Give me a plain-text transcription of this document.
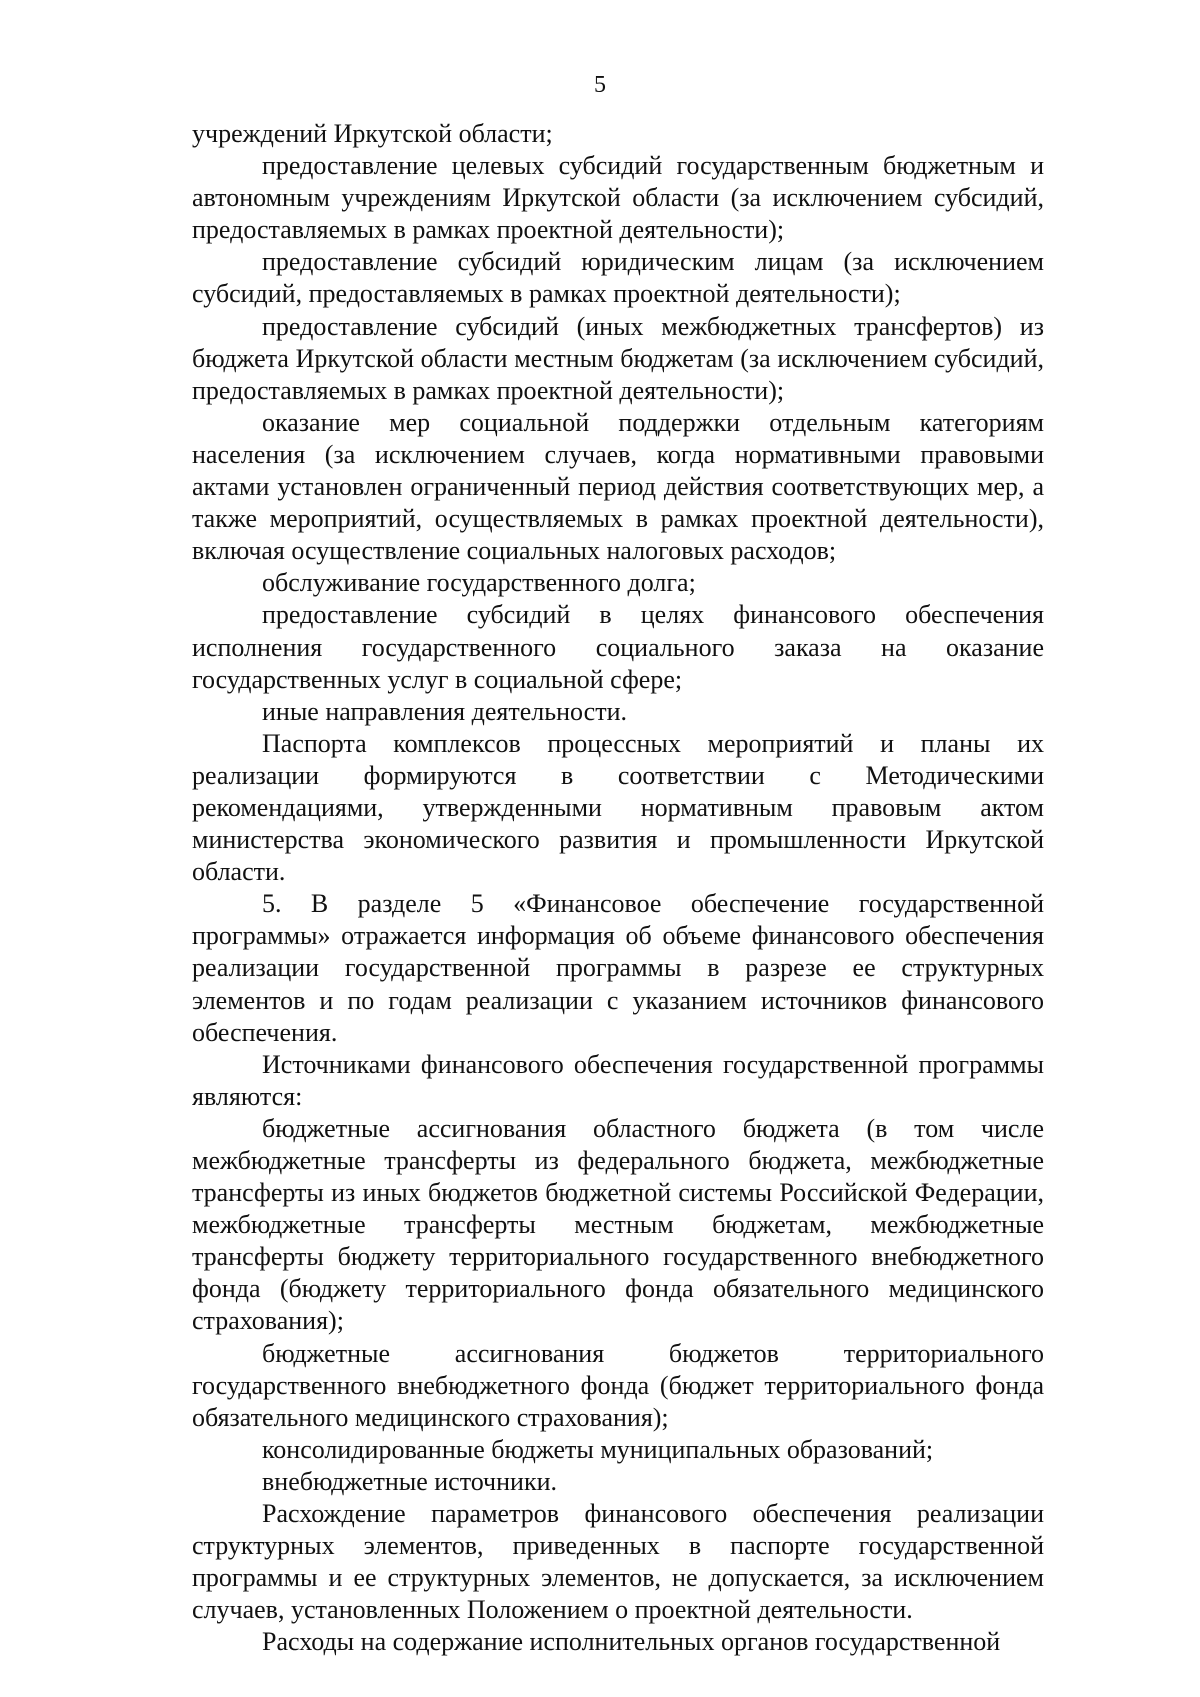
5

учреждений Иркутской области;

предоставление целевых субсидий государственным бюджетным и автономным учреждениям Иркутской области (за исключением субсидий, предоставляемых в рамках проектной деятельности);

предоставление субсидий юридическим лицам (за исключением субсидий, предоставляемых в рамках проектной деятельности);

предоставление субсидий (иных межбюджетных трансфертов) из бюджета Иркутской области местным бюджетам (за исключением субсидий, предоставляемых в рамках проектной деятельности);

оказание мер социальной поддержки отдельным категориям населения (за исключением случаев, когда нормативными правовыми актами установлен ограниченный период действия соответствующих мер, а также мероприятий, осуществляемых в рамках проектной деятельности), включая осуществление социальных налоговых расходов;

обслуживание государственного долга;

предоставление субсидий в целях финансового обеспечения исполнения государственного социального заказа на оказание государственных услуг в социальной сфере;

иные направления деятельности.

Паспорта комплексов процессных мероприятий и планы их реализации формируются в соответствии с Методическими рекомендациями, утвержденными нормативным правовым актом министерства экономического развития и промышленности Иркутской области.

5. В разделе 5 «Финансовое обеспечение государственной программы» отражается информация об объеме финансового обеспечения реализации государственной программы в разрезе ее структурных элементов и по годам реализации с указанием источников финансового обеспечения.

Источниками финансового обеспечения государственной программы являются:

бюджетные ассигнования областного бюджета (в том числе межбюджетные трансферты из федерального бюджета, межбюджетные трансферты из иных бюджетов бюджетной системы Российской Федерации, межбюджетные трансферты местным бюджетам, межбюджетные трансферты бюджету территориального государственного внебюджетного фонда (бюджету территориального фонда обязательного медицинского страхования);

бюджетные ассигнования бюджетов территориального государственного внебюджетного фонда (бюджет территориального фонда обязательного медицинского страхования);

консолидированные бюджеты муниципальных образований;

внебюджетные источники.

Расхождение параметров финансового обеспечения реализации структурных элементов, приведенных в паспорте государственной программы и ее структурных элементов, не допускается, за исключением случаев, установленных Положением о проектной деятельности.

Расходы на содержание исполнительных органов государственной
